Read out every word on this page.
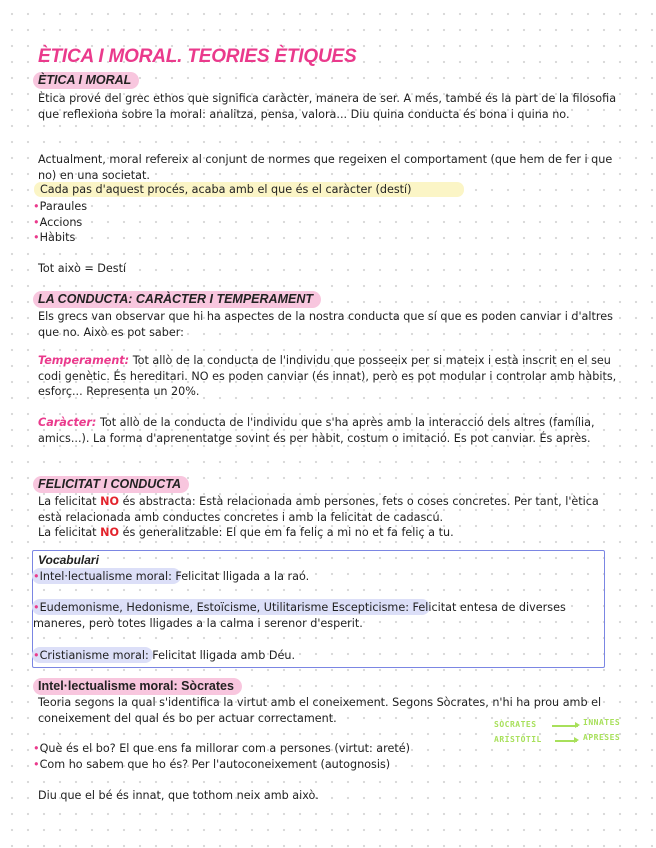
ÈTICA I MORAL. TEORIES ÈTIQUES
ÈTICA I MORAL

Ètica prové del grec ethos que significa caràcter, manera de ser. A més, també és la part de la filosofia que reflexiona sobre la moral: analitza, pensa, valora... Diu quina conducta és bona i quina no.

Actualment, moral refereix al conjunt de normes que regeixen el comportament (que hem de fer i que no) en una societat.

Cada pas d'aquest procés, acaba amb el que és el caràcter (destí)

•Paraules
•Accions
•Hàbits

Tot això = Destí

LA CONDUCTA: CARÀCTER I TEMPERAMENT

Els grecs van observar que hi ha aspectes de la nostra conducta que sí que es poden canviar i d'altres que no. Això es pot saber:

Temperament: Tot allò de la conducta de l'individu que posseeix per si mateix i està inscrit en el seu codi genètic. És hereditari. NO es poden canviar (és innat), però es pot modular i controlar amb hàbits, esforç... Representa un 20%.

Caràcter: Tot allò de la conducta de l'individu que s'ha après amb la interacció dels altres (família, amics...). La forma d'aprenentatge sovint és per hàbit, costum o imitació. Es pot canviar. És après.

FELICITAT I CONDUCTA

La felicitat NO és abstracta: Està relacionada amb persones, fets o coses concretes. Per tant, l'ètica està relacionada amb conductes concretes i amb la felicitat de cadascú.

La felicitat NO és generalitzable: El que em fa feliç a mi no et fa feliç a tu.

Vocabulari
•Intel·lectualisme moral: Felicitat lligada a la raó.
•Eudemonisme, Hedonisme, Estoïcisme, Utilitarisme Escepticisme: Felicitat entesa de diverses maneres, però totes lligades a la calma i serenor d'esperit.
•Cristianisme moral: Felicitat lligada amb Déu.
Intel·lectualisme moral: Sòcrates

Teoria segons la qual s'identifica la virtut amb el coneixement. Segons Sòcrates, n'hi ha prou amb el coneixement del qual és bo per actuar correctament.

•Què és el bo? El que ens fa millorar com a persones (virtut: areté)
•Com ho sabem que ho és? Per l'autoconeixement (autognosis)

Diu que el bé és innat, que tothom neix amb això.

SÒCRATES	INNATES
ARISTÒTIL	APRESES
